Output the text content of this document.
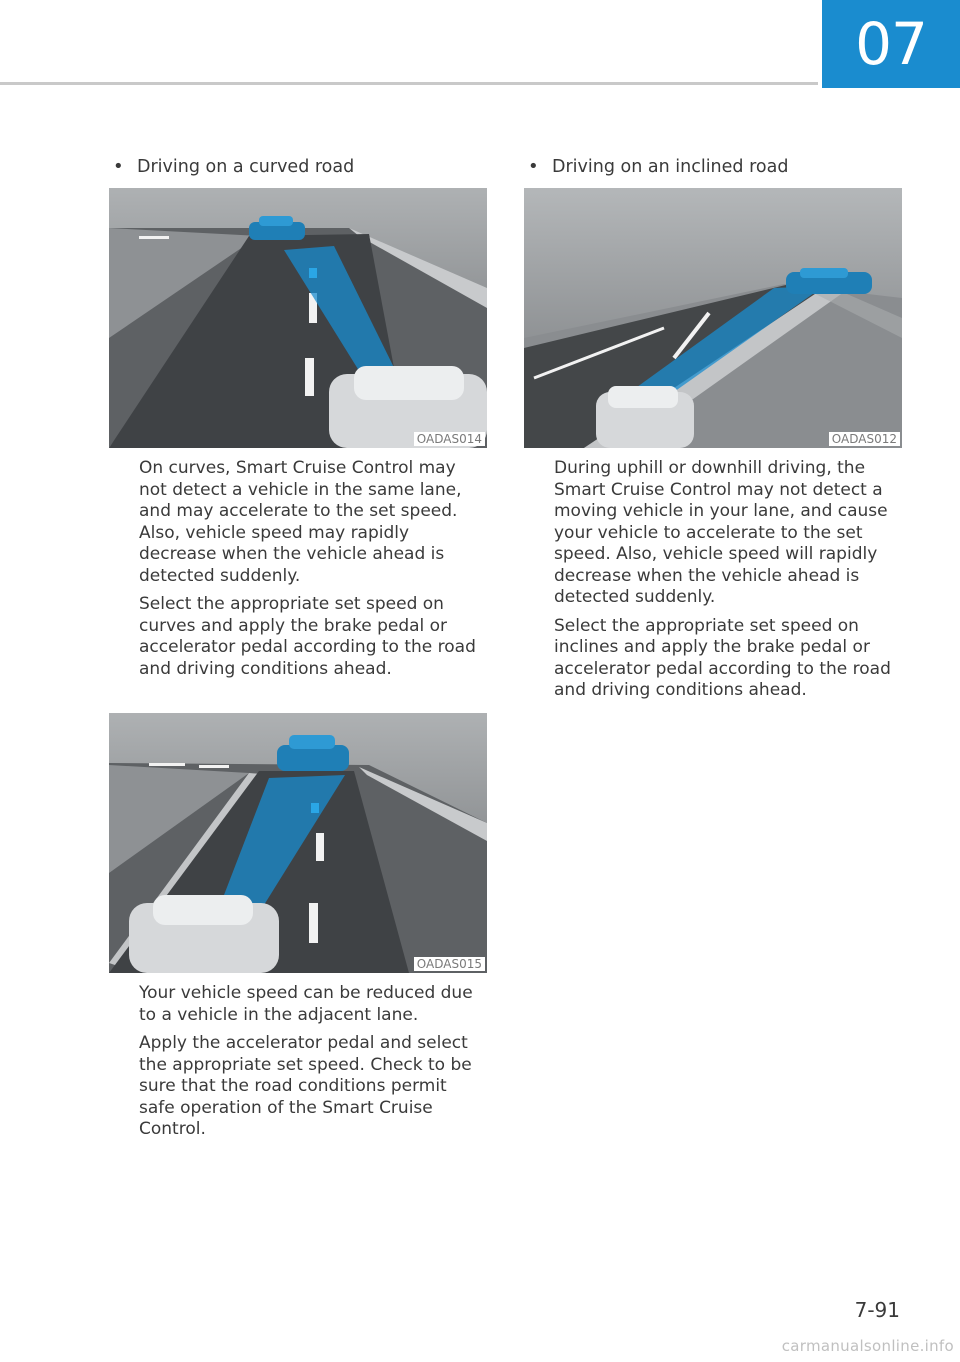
07
• Driving on a curved road
OADAS014

On curves, Smart Cruise Control may not detect a vehicle in the same lane, and may accelerate to the set speed. Also, vehicle speed may rapidly decrease when the vehicle ahead is detected suddenly.

Select the appropriate set speed on curves and apply the brake pedal or accelerator pedal according to the road and driving conditions ahead.

OADAS015

Your vehicle speed can be reduced due to a vehicle in the adjacent lane.

Apply the accelerator pedal and select the appropriate set speed. Check to be sure that the road conditions permit safe operation of the Smart Cruise Control.

• Driving on an inclined road
OADAS012

During uphill or downhill driving, the Smart Cruise Control may not detect a moving vehicle in your lane, and cause your vehicle to accelerate to the set speed. Also, vehicle speed will rapidly decrease when the vehicle ahead is detected suddenly.

Select the appropriate set speed on inclines and apply the brake pedal or accelerator pedal according to the road and driving conditions ahead.

7-91
carmanualsonline.info
